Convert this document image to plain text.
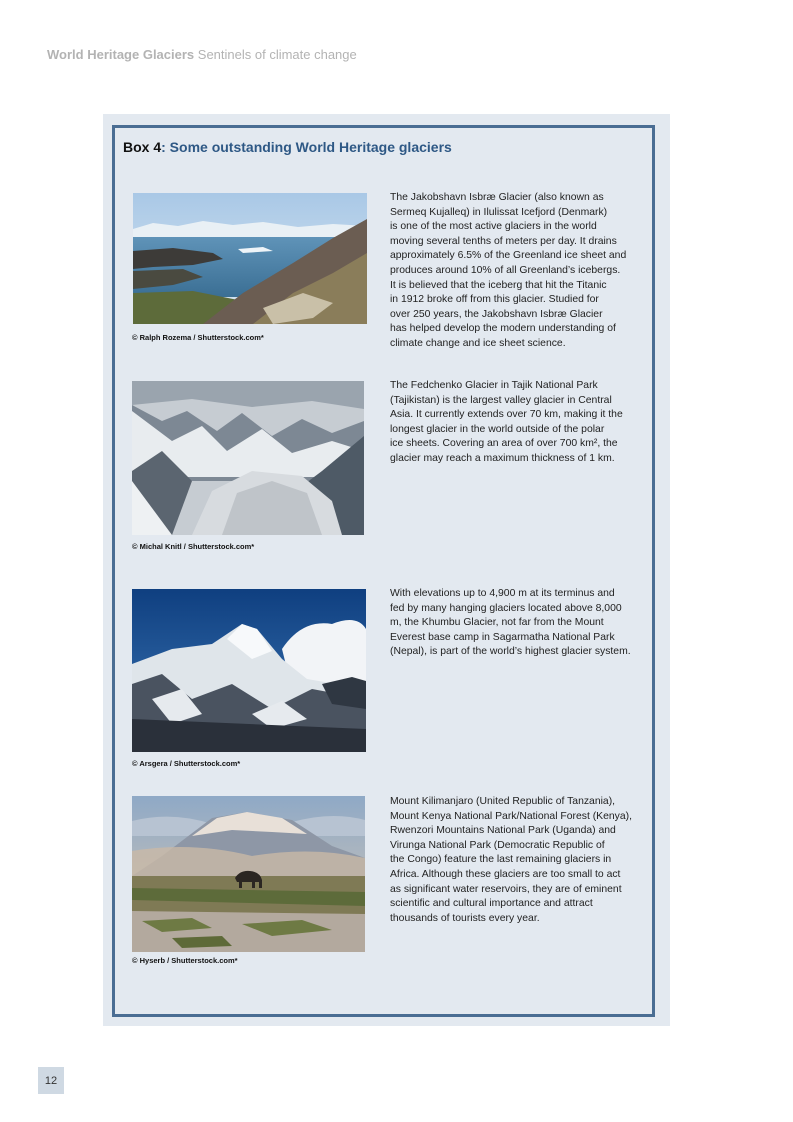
World Heritage Glaciers Sentinels of climate change
Box 4: Some outstanding World Heritage glaciers
© Ralph Rozema / Shutterstock.com*

The Jakobshavn Isbræ Glacier (also known as
Sermeq Kujalleq) in Ilulissat Icefjord (Denmark)
is one of the most active glaciers in the world
moving several tenths of meters per day. It drains
approximately 6.5% of the Greenland ice sheet and
produces around 10% of all Greenland’s icebergs.
It is believed that the iceberg that hit the Titanic
in 1912 broke off from this glacier. Studied for
over 250 years, the Jakobshavn Isbræ Glacier
has helped develop the modern understanding of
climate change and ice sheet science.

© Michal Knitl / Shutterstock.com*

The Fedchenko Glacier in Tajik National Park
(Tajikistan) is the largest valley glacier in Central
Asia. It currently extends over 70 km, making it the
longest glacier in the world outside of the polar
ice sheets. Covering an area of over 700 km², the
glacier may reach a maximum thickness of 1 km.

© Arsgera / Shutterstock.com*

With elevations up to 4,900 m at its terminus and
fed by many hanging glaciers located above 8,000
m, the Khumbu Glacier, not far from the Mount
Everest base camp in Sagarmatha National Park
(Nepal), is part of the world’s highest glacier system.

© Hyserb / Shutterstock.com*

Mount Kilimanjaro (United Republic of Tanzania),
Mount Kenya National Park/National Forest (Kenya),
Rwenzori Mountains National Park (Uganda) and
Virunga National Park (Democratic Republic of
the Congo) feature the last remaining glaciers in
Africa. Although these glaciers are too small to act
as significant water reservoirs, they are of eminent
scientific and cultural importance and attract
thousands of tourists every year.

12
